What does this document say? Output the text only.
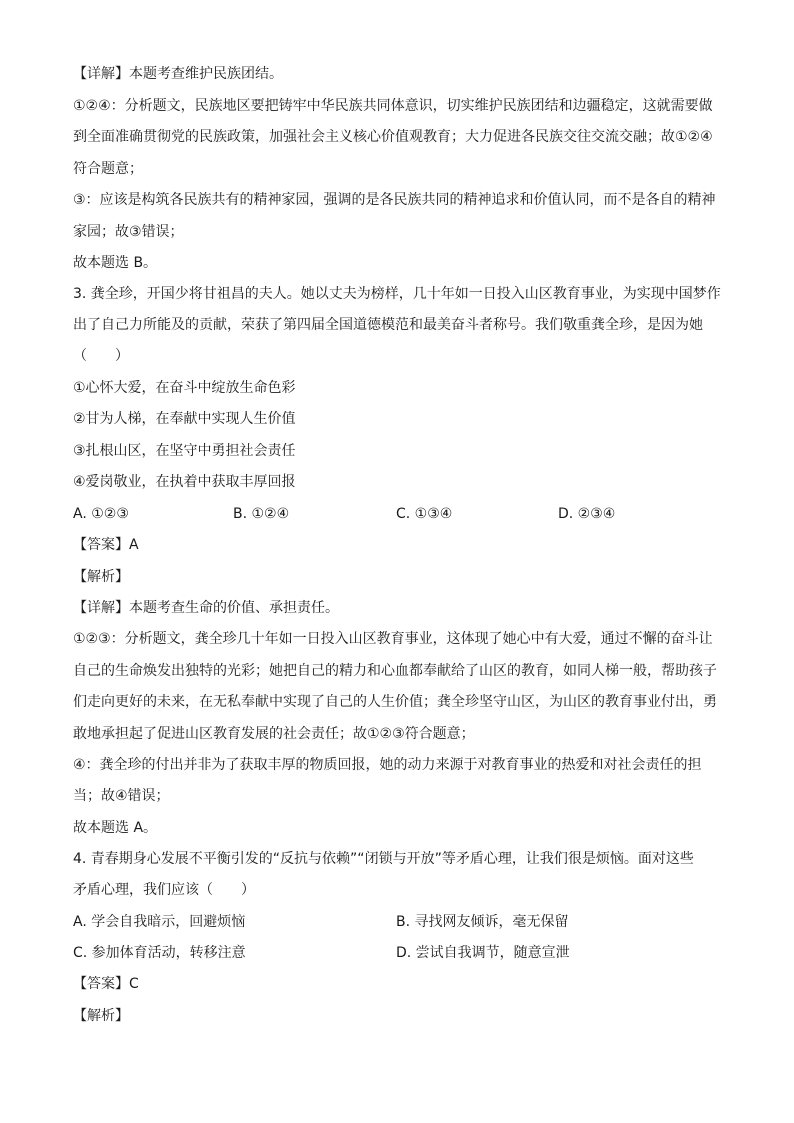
【详解】本题考查维护民族团结。

①②④：分析题文，民族地区要把铸牢中华民族共同体意识，切实维护民族团结和边疆稳定，这就需要做

到全面准确贯彻党的民族政策，加强社会主义核心价值观教育；大力促进各民族交往交流交融；故①②④

符合题意；

③：应该是构筑各民族共有的精神家园，强调的是各民族共同的精神追求和价值认同，而不是各自的精神

家园；故③错误；

故本题选 B。

3. 龚全珍，开国少将甘祖昌的夫人。她以丈夫为榜样，几十年如一日投入山区教育事业，为实现中国梦作

出了自己力所能及的贡献，荣获了第四届全国道德模范和最美奋斗者称号。我们敬重龚全珍，是因为她

（　　）

①心怀大爱，在奋斗中绽放生命色彩

②甘为人梯，在奉献中实现人生价值

③扎根山区，在坚守中勇担社会责任

④爱岗敬业，在执着中获取丰厚回报

A. ①②③	B. ①②④	C. ①③④	D. ②③④

【答案】A

【解析】

【详解】本题考查生命的价值、承担责任。

①②③：分析题文，龚全珍几十年如一日投入山区教育事业，这体现了她心中有大爱，通过不懈的奋斗让

自己的生命焕发出独特的光彩；她把自己的精力和心血都奉献给了山区的教育，如同人梯一般，帮助孩子

们走向更好的未来，在无私奉献中实现了自己的人生价值；龚全珍坚守山区，为山区的教育事业付出，勇

敢地承担起了促进山区教育发展的社会责任；故①②③符合题意；

④：龚全珍的付出并非为了获取丰厚的物质回报，她的动力来源于对教育事业的热爱和对社会责任的担

当；故④错误；

故本题选 A。

4. 青春期身心发展不平衡引发的“反抗与依赖”“闭锁与开放”等矛盾心理，让我们很是烦恼。面对这些

矛盾心理，我们应该（　　）

A. 学会自我暗示，回避烦恼	B. 寻找网友倾诉，毫无保留

C. 参加体育活动，转移注意	D. 尝试自我调节，随意宣泄

【答案】C

【解析】
